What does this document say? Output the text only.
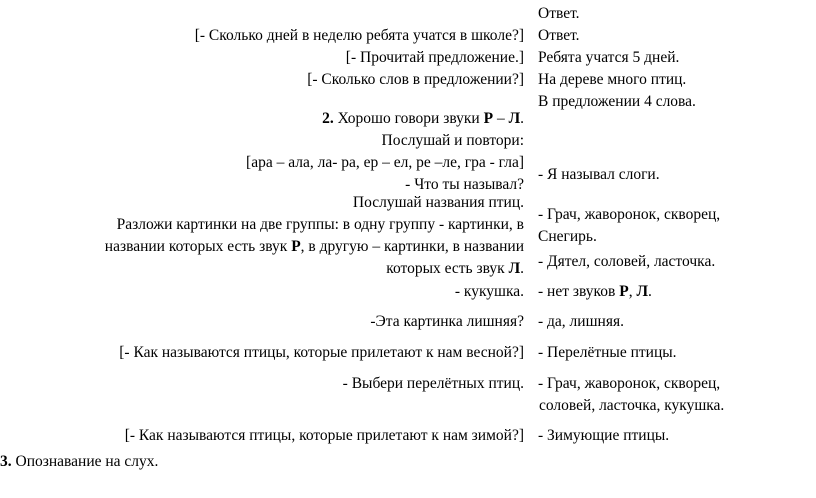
[- Сколько дней в неделю ребята учатся в школе?]
[- Прочитай предложение.]
[- Сколько слов в предложении?]
Ответ.
Ответ.
Ребята учатся 5 дней.
На дереве много птиц.
В предложении 4 слова.
2. Хорошо говори звуки Р – Л.
Послушай и повтори:
[ара – ала, ла- ра, ер – ел, ре –ле, гра - гла]
- Что ты называл?
- Я называл слоги.
Послушай названия птиц.
Разложи картинки на две группы: в одну группу - картинки, в
названии которых есть звук Р, в другую – картинки, в названии
которых есть звук Л.
- Грач, жаворонок, скворец,
Снегирь.
- Дятел, соловей, ласточка.
- кукушка. - нет звуков Р, Л.
-Эта картинка лишняя? - да, лишняя.
[- Как называются птицы, которые прилетают к нам весной?] - Перелётные птицы.
- Выбери перелётных птиц. - Грач, жаворонок, скворец,
соловей, ласточка, кукушка.
[- Как называются птицы, которые прилетают к нам зимой?] - Зимующие птицы.
3. Опознавание на слух.
